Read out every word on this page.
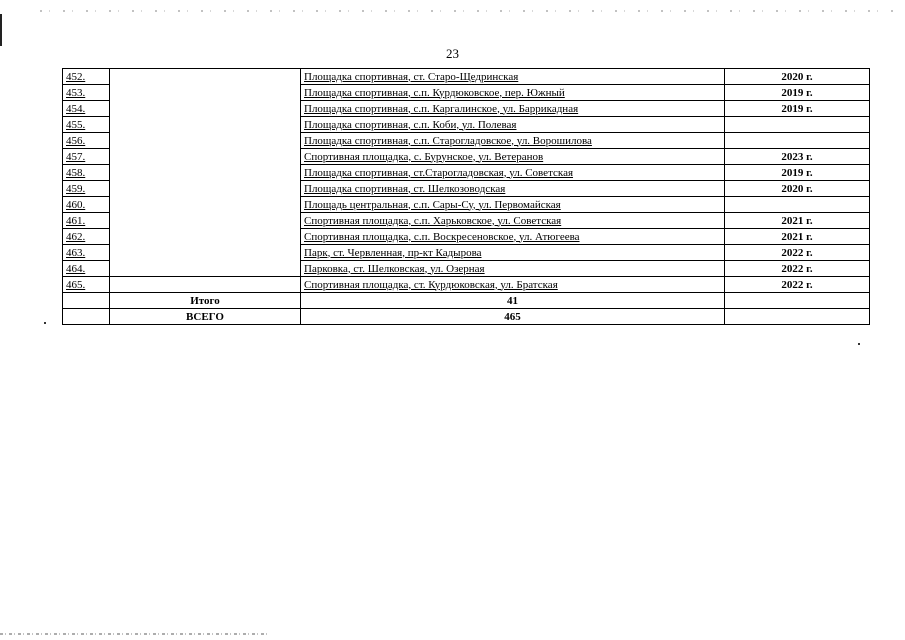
23
452.		Площадка спортивная, ст. Старо-Щедринская	2020 г.
453.		Площадка спортивная, с.п. Курдюковское, пер. Южный	2019 г.
454.		Площадка спортивная, с.п. Каргалинское, ул. Баррикадная	2019 г.
455.		Площадка спортивная, с.п. Коби, ул. Полевая	
456.		Площадка спортивная, с.п. Старогладовское, ул. Ворошилова	
457.		Спортивная площадка, с. Бурунское, ул. Ветеранов	2023 г.
458.		Площадка спортивная, ст.Старогладовская, ул. Советская	2019 г.
459.		Площадка спортивная, ст. Шелкозоводская	2020 г.
460.		Площадь центральная, с.п. Сары-Су, ул. Первомайская	
461.		Спортивная площадка, с.п. Харьковское, ул. Советская	2021 г.
462.		Спортивная площадка, с.п. Воскресеновское, ул. Атюгеева	2021 г.
463.		Парк, ст. Червленная, пр-кт Кадырова	2022 г.
464.		Парковка, ст. Шелковская, ул. Озерная	2022 г.
465.		Спортивная площадка, ст. Курдюковская, ул. Братская	2022 г.
	Итого	41	
	ВСЕГО	465	
